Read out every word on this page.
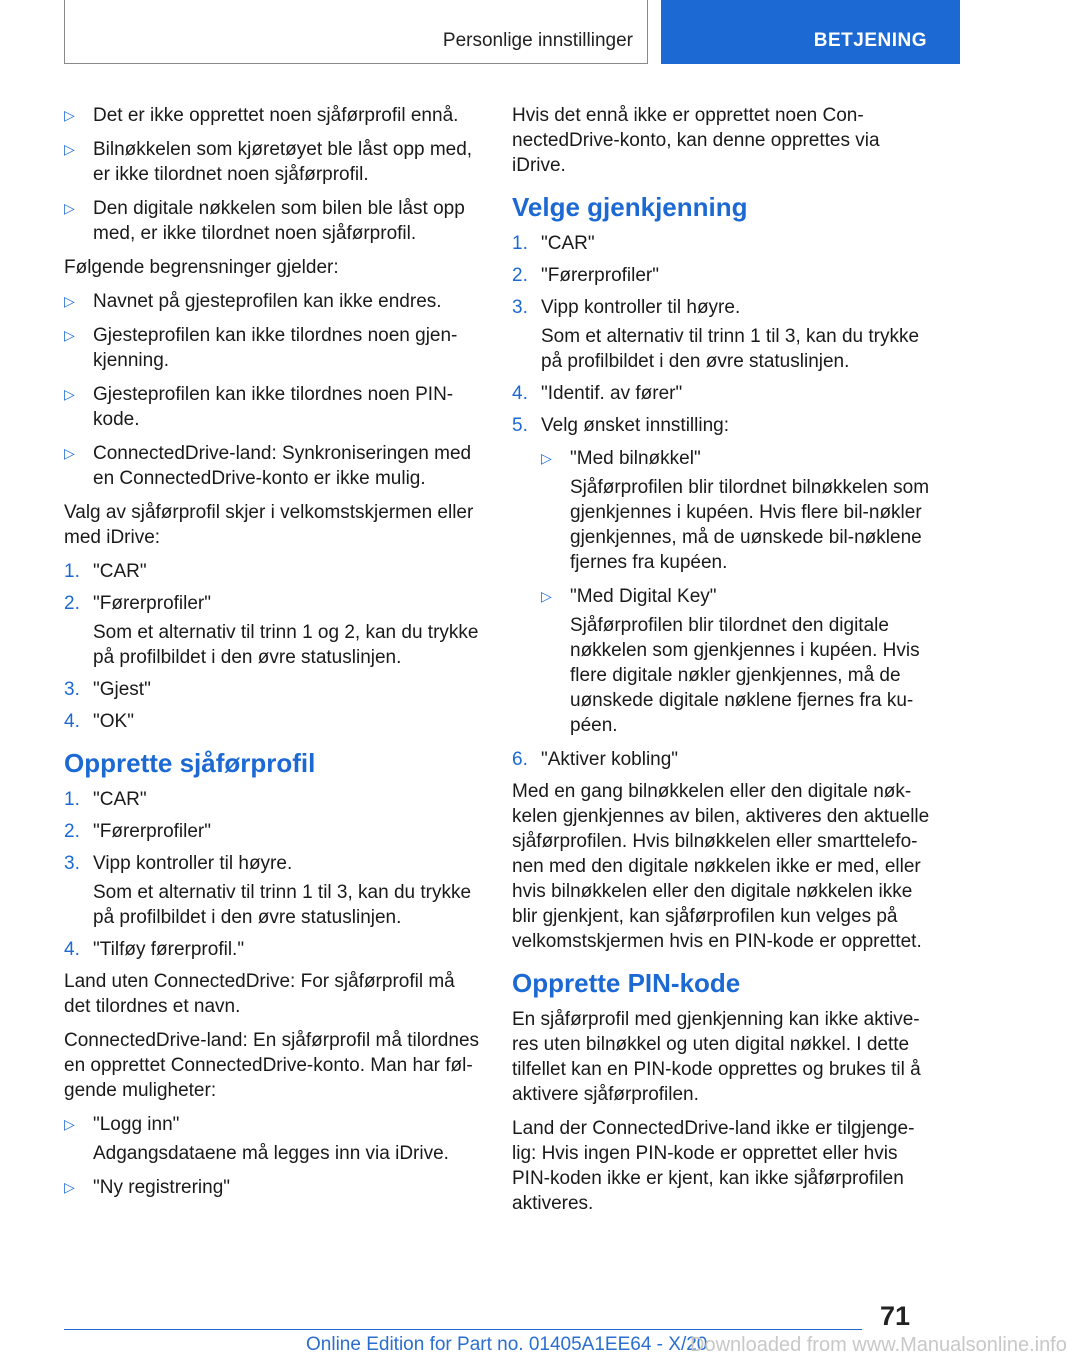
Personlige innstillinger	BETJENING
▷ Det er ikke opprettet noen sjåførprofil ennå.
▷ Bilnøkkelen som kjøretøyet ble låst opp med, er ikke tilordnet noen sjåførprofil.
▷ Den digitale nøkkelen som bilen ble låst opp med, er ikke tilordnet noen sjåførprofil.
Følgende begrensninger gjelder:
▷ Navnet på gjesteprofilen kan ikke endres.
▷ Gjesteprofilen kan ikke tilordnes noen gjen-kjenning.
▷ Gjesteprofilen kan ikke tilordnes noen PIN-kode.
▷ ConnectedDrive-land: Synkroniseringen med en ConnectedDrive-konto er ikke mulig.
Valg av sjåførprofil skjer i velkomstskjermen eller med iDrive:
1. "CAR"
2. "Førerprofiler"
Som et alternativ til trinn 1 og 2, kan du trykke på profilbildet i den øvre statuslinjen.
3. "Gjest"
4. "OK"
Opprette sjåførprofil
1. "CAR"
2. "Førerprofiler"
3. Vipp kontroller til høyre.
Som et alternativ til trinn 1 til 3, kan du trykke på profilbildet i den øvre statuslinjen.
4. "Tilføy førerprofil."
Land uten ConnectedDrive: For sjåførprofil må det tilordnes et navn.
ConnectedDrive-land: En sjåførprofil må tilordnes en opprettet ConnectedDrive-konto. Man har føl-gende muligheter:
▷ "Logg inn"
Adgangsdataene må legges inn via iDrive.
▷ "Ny registrering"
Hvis det ennå ikke er opprettet noen Con-nectedDrive-konto, kan denne opprettes via iDrive.
Velge gjenkjenning
1. "CAR"
2. "Førerprofiler"
3. Vipp kontroller til høyre.
Som et alternativ til trinn 1 til 3, kan du trykke på profilbildet i den øvre statuslinjen.
4. "Identif. av fører"
5. Velg ønsket innstilling:
▷ "Med bilnøkkel"
Sjåførprofilen blir tilordnet bilnøkkelen som gjenkjennes i kupéen. Hvis flere bil-nøkler gjenkjennes, må de uønskede bil-nøklene fjernes fra kupéen.
▷ "Med Digital Key"
Sjåførprofilen blir tilordnet den digitale nøkkelen som gjenkjennes i kupéen. Hvis flere digitale nøkler gjenkjennes, må de uønskede digitale nøklene fjernes fra ku-péen.
6. "Aktiver kobling"
Med en gang bilnøkkelen eller den digitale nøk-kelen gjenkjennes av bilen, aktiveres den aktuelle sjåførprofilen. Hvis bilnøkkelen eller smarttelefo-nen med den digitale nøkkelen ikke er med, eller hvis bilnøkkelen eller den digitale nøkkelen ikke blir gjenkjent, kan sjåførprofilen kun velges på velkomstskjermen hvis en PIN-kode er opprettet.
Opprette PIN-kode
En sjåførprofil med gjenkjenning kan ikke aktive-res uten bilnøkkel og uten digital nøkkel. I dette tilfellet kan en PIN-kode opprettes og brukes til å aktivere sjåførprofilen.
Land der ConnectedDrive-land ikke er tilgjenge-lig: Hvis ingen PIN-kode er opprettet eller hvis PIN-koden ikke er kjent, kan ikke sjåførprofilen aktiveres.
71
Online Edition for Part no. 01405A1EE64 - X/20
Downloaded from www.Manualsonline.info
